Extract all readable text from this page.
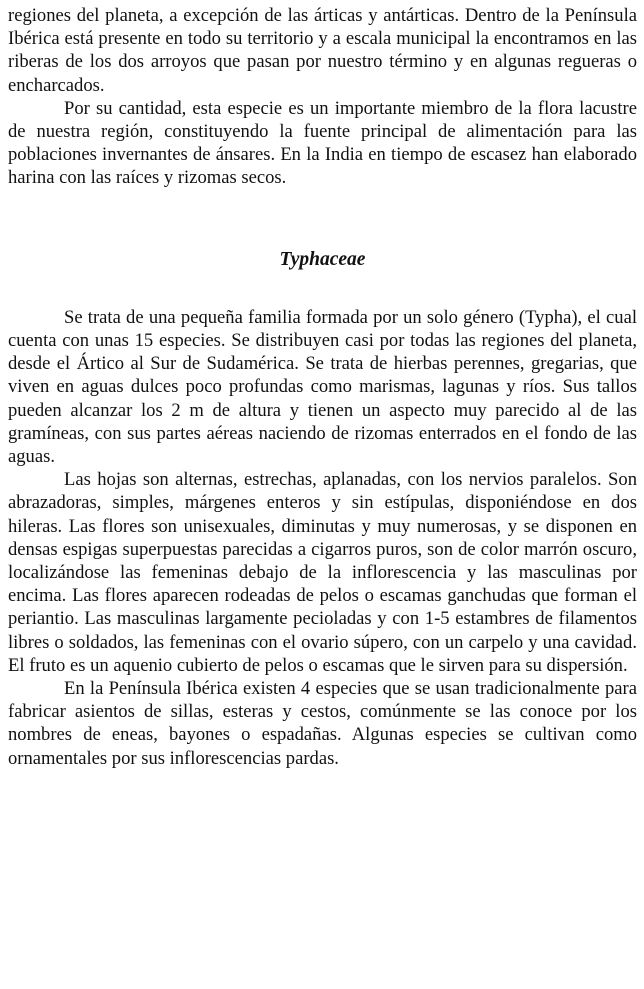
regiones del planeta, a excepción de las árticas y antárticas. Dentro de la Península Ibérica está presente en todo su territorio y a escala municipal la encontramos en las riberas de los dos arroyos que pasan por nuestro término y en algunas regueras o encharcados.

Por su cantidad, esta especie es un importante miembro de la flora lacustre de nuestra región, constituyendo la fuente principal de alimentación para las poblaciones invernantes de ánsares. En la India en tiempo de escasez han elaborado harina con las raíces y rizomas secos.

Typhaceae

Se trata de una pequeña familia formada por un solo género (Typha), el cual cuenta con unas 15 especies. Se distribuyen casi por todas las regiones del planeta, desde el Ártico al Sur de Sudamérica. Se trata de hierbas perennes, gregarias, que viven en aguas dulces poco profundas como marismas, lagunas y ríos. Sus tallos pueden alcanzar los 2 m de altura y tienen un aspecto muy parecido al de las gramíneas, con sus partes aéreas naciendo de rizomas enterrados en el fondo de las aguas.

Las hojas son alternas, estrechas, aplanadas, con los nervios paralelos. Son abrazadoras, simples, márgenes enteros y sin estípulas, disponiéndose en dos hileras. Las flores son unisexuales, diminutas y muy numerosas, y se disponen en densas espigas superpuestas parecidas a cigarros puros, son de color marrón oscuro, localizándose las femeninas debajo de la inflorescencia y las masculinas por encima. Las flores aparecen rodeadas de pelos o escamas ganchudas que forman el periantio. Las masculinas largamente pecioladas y con 1-5 estambres de filamentos libres o soldados, las femeninas con el ovario súpero, con un carpelo y una cavidad. El fruto es un aquenio cubierto de pelos o escamas que le sirven para su dispersión.

En la Península Ibérica existen 4 especies que se usan tradicionalmente para fabricar asientos de sillas, esteras y cestos, comúnmente se las conoce por los nombres de eneas, bayones o espadañas. Algunas especies se cultivan como ornamentales por sus inflorescencias pardas.
